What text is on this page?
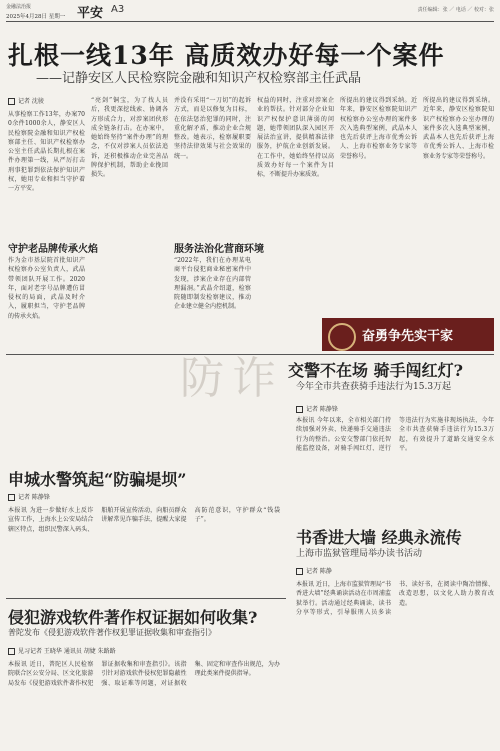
金融法治报
2025年4月28日 星期一 平安 A3	责任编辑：张 ／ 电话 ／ 校对：张
扎根一线13年 高质效办好每一个案件
——记静安区人民检察院金融和知识产权检察部主任武晶
记者 沈骏
从事检察工作13年，办案700余件1000余人，静安区人民检察院金融和知识产权检察部主任、知识产权检察办公室主任武晶长期扎根在案件办理第一线，从严厉打击刑事犯罪到依法保护知识产权，她用专业和担当守护着一方平安。
守护老品牌传承火焰
作为金市基层院首批知识产权检察办公室负责人，武晶带领团队开展工作。2020年，面对老字号品牌遭仿冒侵权的局面，武晶及时介入，履职担当，守护老品牌的传承火焰。
“亮剑”铜宝，为了找人员后，我更深挖线索、协调各方形成合力，对涉案团伙形成全链条打击。在办案中，她始终坚持“案件办理”的理念，不仅对涉案人员依法追诉，还积极推动企业完善品牌保护机制，帮助企业挽回损失。
并没有采用“一刀切”的起诉方式，而是以修复为目标，在依法惩治犯罪的同时，注重化解矛盾，推动企业合规整改。她表示，检察履职要坚持法律效果与社会效果的统一。
服务法治化营商环境
“2022年，我们在办理某电商平台侵犯商业秘密案件中发现，涉案企业存在内部管理漏洞。”武晶介绍道，检察院随即制发检察建议，推动企业建立健全内控机制。
权益的同时，注重对涉案企业的帮扶。针对部分企业知识产权保护意识薄弱的问题，她带领团队深入园区开展法治宣讲，提供精准法律服务，护航企业创新发展。在工作中，她始终坚持以高质效办好每一个案件为目标，不断提升办案质效。
所提出的建议得到采纳。近年来，静安区检察院知识产权检察办公室办理的案件多次入选典型案例，武晶本人也先后获评上海市优秀公诉人、上海市检察业务专家等荣誉称号。
所提出的建议得到采纳。近年来，静安区检察院知识产权检察办公室办理的案件多次入选典型案例，武晶本人也先后获评上海市优秀公诉人、上海市检察业务专家等荣誉称号。
奋勇争先实干家
防诈 交警不在场 骑手闯红灯?
今年全市共查获骑手违法行为15.3万起
记者 陈静锋
本报讯 今年以来，全市相关部门持续加强对外卖、快递骑手交通违法行为的整治。公安交警部门依托智能监控设备，对骑手闯红灯、逆行等违法行为实施非现场执法，今年全市共查获骑手违法行为15.3万起，有效提升了道路交通安全水平。
申城水警筑起“防骗堤坝”
记者 陈静锋
本报讯 为进一步做好水上反诈宣传工作，上海水上公安局结合辖区特点，组织民警深入码头、船舶开展宣传活动，向船员群众讲解常见诈骗手法，提醒大家提高防范意识，守护群众“钱袋子”。
书香进大墙 经典永流传
上海市监狱管理局举办读书活动
记者 陈静
本报讯 近日，上海市监狱管理局“书香进大墙”经典诵读活动在市周浦监狱举行。活动通过经典诵读、读书分享等形式，引导服刑人员多读书、读好书，在阅读中陶冶情操、改造思想，以文化人助力教育改造。
侵犯游戏软件著作权证据如何收集?
普陀发布《侵犯游戏软件著作权犯罪证据收集和审查指引》
见习记者 王晓华 通讯员 胡婕 朱路路
本报讯 近日，普陀区人民检察院联合区公安分局、区文化旅游局发布《侵犯游戏软件著作权犯罪证据收集和审查指引》。该指引针对游戏软件侵权犯罪隐蔽性强、取证难等问题，对证据收集、固定和审查作出规范，为办理此类案件提供指导。
